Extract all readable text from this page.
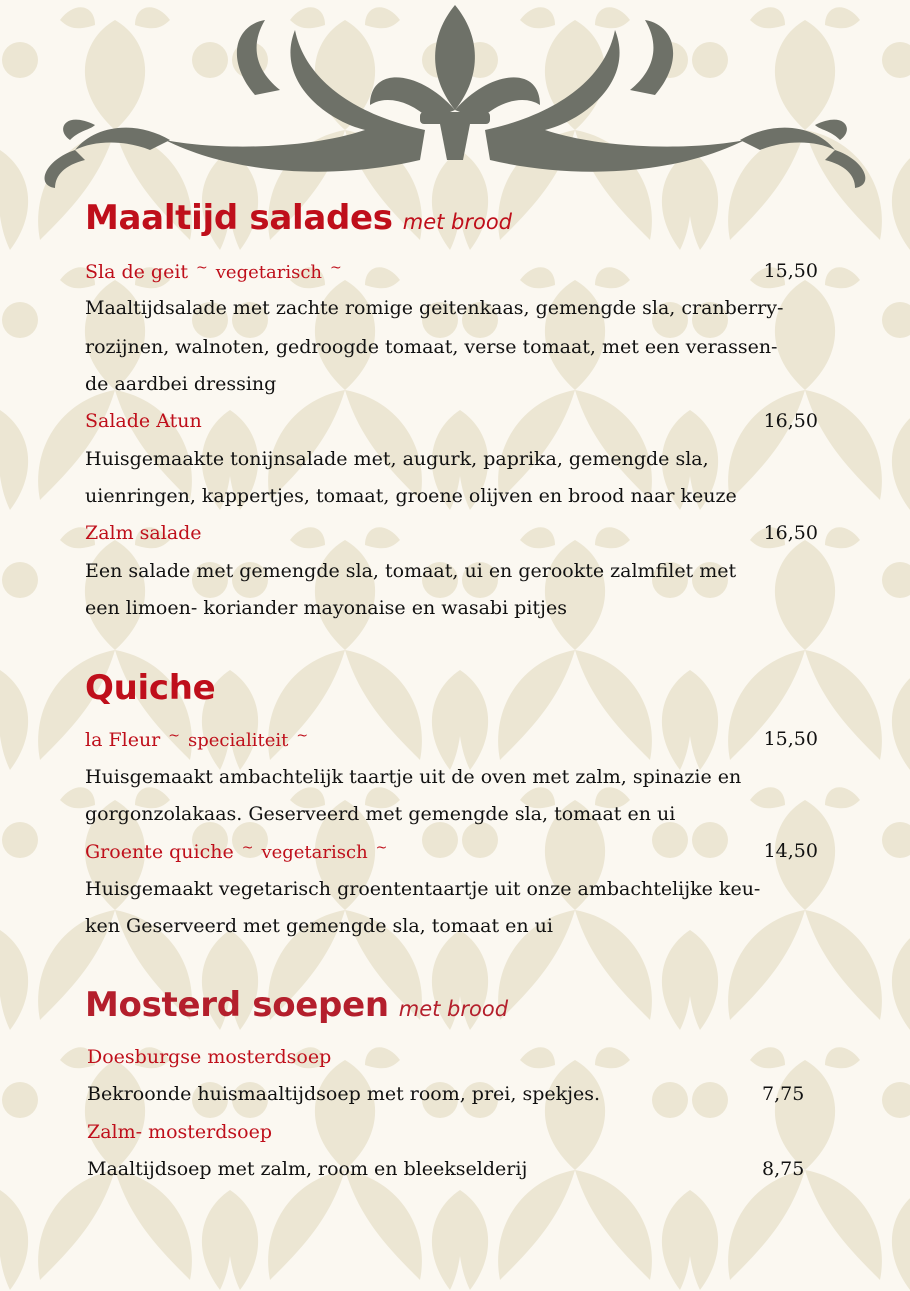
Maaltijd salades met brood
Sla de geit ~ vegetarisch ~	15,50
Maaltijdsalade met zachte romige geitenkaas, gemengde sla, cranberry-
rozijnen, walnoten, gedroogde tomaat, verse tomaat, met een verassen-
de aardbei dressing
Salade Atun	16,50
Huisgemaakte tonijnsalade met, augurk, paprika, gemengde sla,
uienringen, kappertjes, tomaat, groene olijven en brood naar keuze
Zalm salade	16,50
Een salade met gemengde sla, tomaat, ui en gerookte zalmfilet met
een limoen- koriander mayonaise en wasabi pitjes
Quiche
la Fleur ~ specialiteit ~	15,50
Huisgemaakt ambachtelijk taartje uit de oven met zalm, spinazie en
gorgonzolakaas. Geserveerd met gemengde sla, tomaat en ui
Groente quiche ~ vegetarisch ~	14,50
Huisgemaakt vegetarisch groententaartje uit onze ambachtelijke keu-
ken Geserveerd met gemengde sla, tomaat en ui
Mosterd soepen met brood
Doesburgse mosterdsoep
Bekroonde huismaaltijdsoep met room, prei, spekjes.	7,75
Zalm- mosterdsoep
Maaltijdsoep met zalm, room en bleekselderij	8,75
